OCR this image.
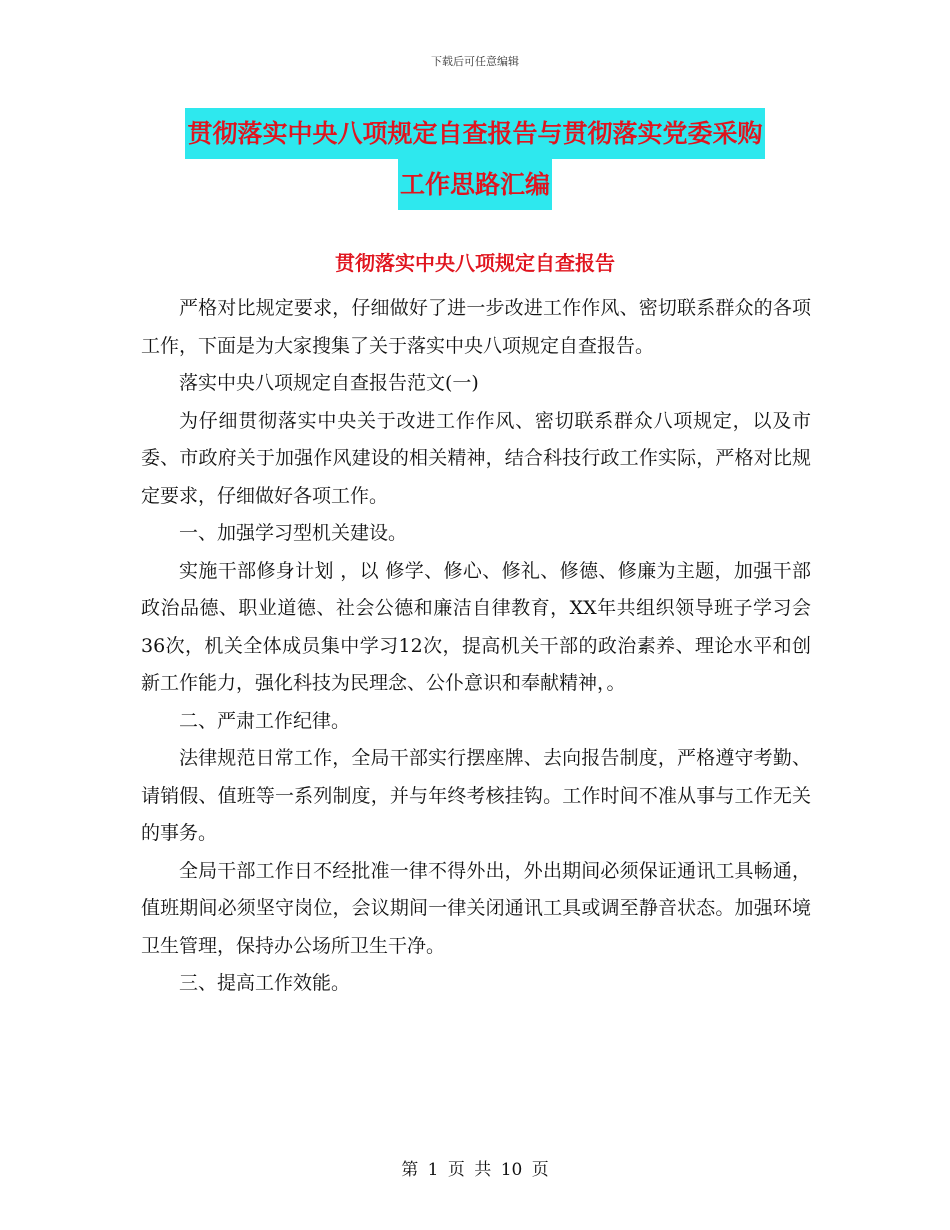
下载后可任意编辑
贯彻落实中央八项规定自查报告与贯彻落实党委采购
工作思路汇编
贯彻落实中央八项规定自查报告

严格对比规定要求，仔细做好了进一步改进工作作风、密切联系群众的各项工作，下面是为大家搜集了关于落实中央八项规定自查报告。

落实中央八项规定自查报告范文(一)

为仔细贯彻落实中央关于改进工作作风、密切联系群众八项规定，以及市委、市政府关于加强作风建设的相关精神，结合科技行政工作实际，严格对比规定要求，仔细做好各项工作。

一、加强学习型机关建设。

实施干部修身计划 ，以 修学、修心、修礼、修德、修廉为主题，加强干部政治品德、职业道德、社会公德和廉洁自律教育，XX年共组织领导班子学习会36次，机关全体成员集中学习12次，提高机关干部的政治素养、理论水平和创新工作能力，强化科技为民理念、公仆意识和奉献精神，。

二、严肃工作纪律。

法律规范日常工作，全局干部实行摆座牌、去向报告制度，严格遵守考勤、请销假、值班等一系列制度，并与年终考核挂钩。工作时间不准从事与工作无关的事务。

全局干部工作日不经批准一律不得外出，外出期间必须保证通讯工具畅通，值班期间必须坚守岗位，会议期间一律关闭通讯工具或调至静音状态。加强环境卫生管理，保持办公场所卫生干净。

三、提高工作效能。

第 1 页 共 10 页
